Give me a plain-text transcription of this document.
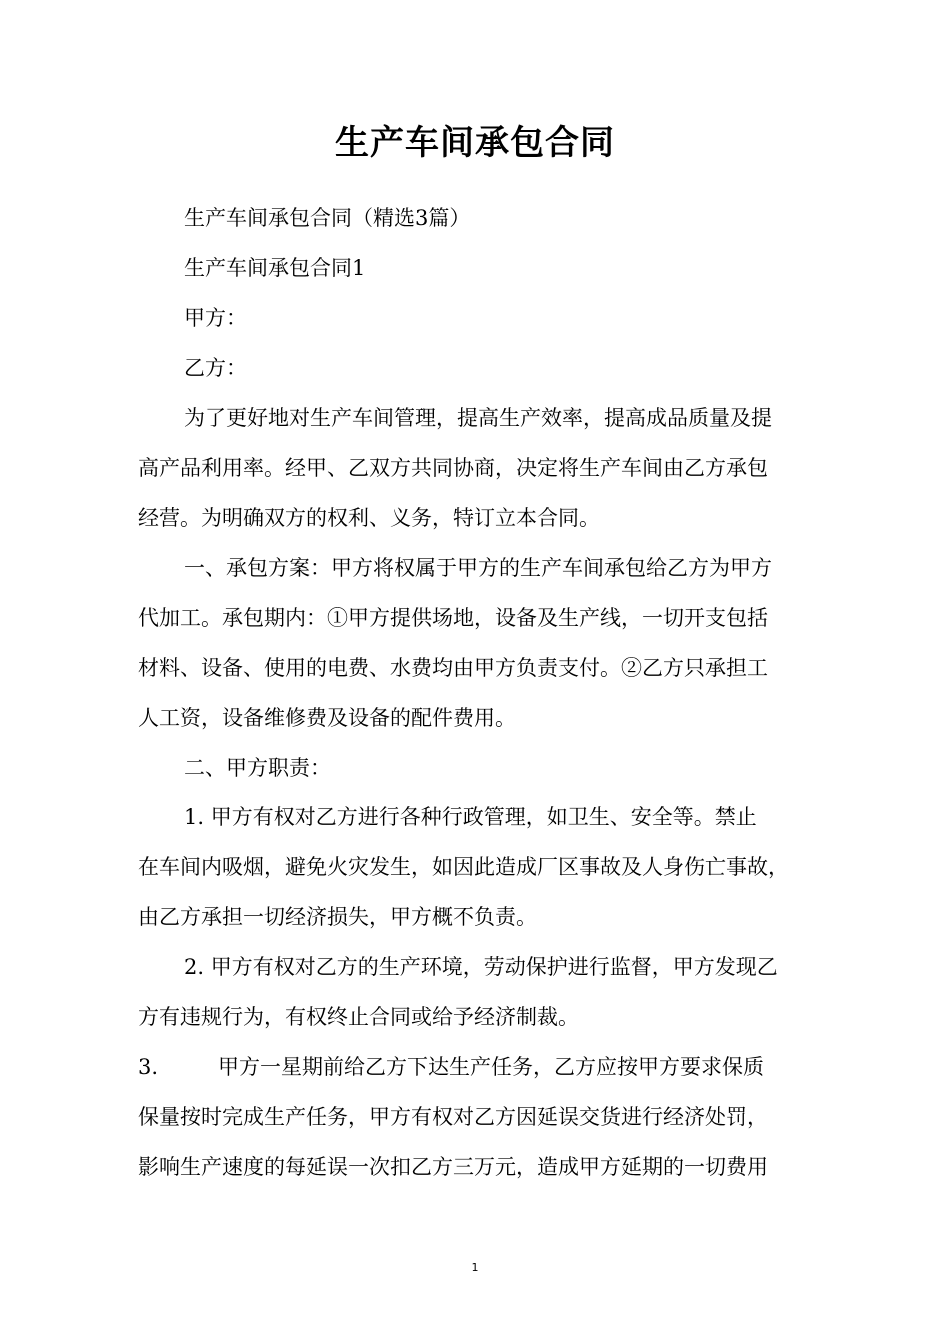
生产车间承包合同
生产车间承包合同（精选3篇）
生产车间承包合同1
甲方：
乙方：
为了更好地对生产车间管理，提高生产效率，提高成品质量及提
高产品利用率。经甲、乙双方共同协商，决定将生产车间由乙方承包
经营。为明确双方的权利、义务，特订立本合同。
一、承包方案：甲方将权属于甲方的生产车间承包给乙方为甲方
代加工。承包期内：①甲方提供场地，设备及生产线，一切开支包括
材料、设备、使用的电费、水费均由甲方负责支付。②乙方只承担工
人工资，设备维修费及设备的配件费用。
二、甲方职责：
1. 甲方有权对乙方进行各种行政管理，如卫生、安全等。禁止
在车间内吸烟，避免火灾发生，如因此造成厂区事故及人身伤亡事故，
由乙方承担一切经济损失，甲方概不负责。
2. 甲方有权对乙方的生产环境，劳动保护进行监督，甲方发现乙
方有违规行为，有权终止合同或给予经济制裁。
3.	甲方一星期前给乙方下达生产任务，乙方应按甲方要求保质
保量按时完成生产任务，甲方有权对乙方因延误交货进行经济处罚，
影响生产速度的每延误一次扣乙方三万元，造成甲方延期的一切费用
1
